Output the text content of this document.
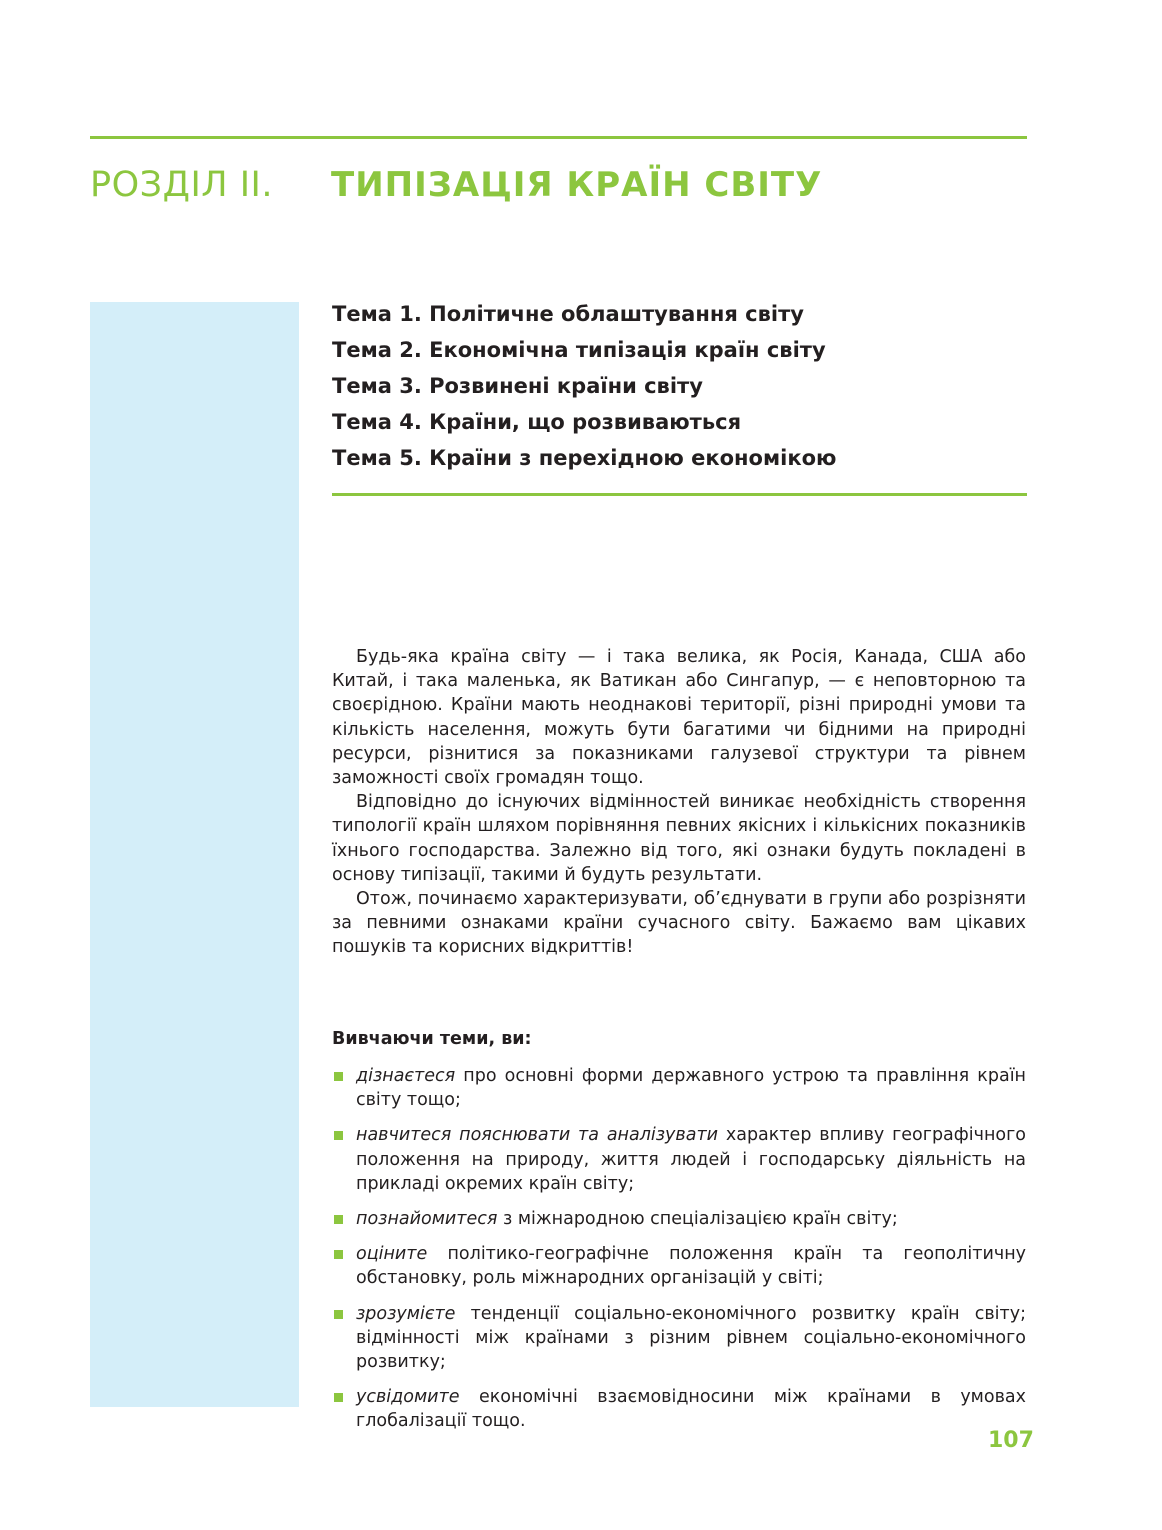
РОЗДІЛ ІІ. ТИПІЗАЦІЯ КРАЇН СВІТУ
Тема 1. Політичне облаштування світу
Тема 2. Економічна типізація країн світу
Тема 3. Розвинені країни світу
Тема 4. Країни, що розвиваються
Тема 5. Країни з перехідною економікою

Будь-яка країна світу — і така велика, як Росія, Канада, США або Китай, і така маленька, як Ватикан або Сингапур, — є неповторною та своєрідною. Країни мають неоднакові території, різні природні умови та кількість населення, можуть бути багатими чи бідними на природні ресурси, різнитися за показниками галузевої структури та рівнем заможності своїх громадян тощо.

Відповідно до існуючих відмінностей виникає необхідність створення типології країн шляхом порівняння певних якісних і кількісних показників їхнього господарства. Залежно від того, які ознаки будуть покладені в основу типізації, такими й будуть результати.

Отож, починаємо характеризувати, об’єднувати в групи або розрізняти за певними ознаками країни сучасного світу. Бажаємо вам цікавих пошуків та корисних відкриттів!

Вивчаючи теми, ви:
дізнаєтеся про основні форми державного устрою та правління країн світу тощо;
навчитеся пояснювати та аналізувати характер впливу географічного положення на природу, життя людей і господарську діяльність на прикладі окремих країн світу;
познайомитеся з міжнародною спеціалізацією країн світу;
оціните політико-географічне положення країн та геополітичну обстановку, роль міжнародних організацій у світі;
зрозумієте тенденції соціально-економічного розвитку країн світу; відмінності між країнами з різним рівнем соціально-економічного розвитку;
усвідомите економічні взаємовідносини між країнами в умовах глобалізації тощо.
107
